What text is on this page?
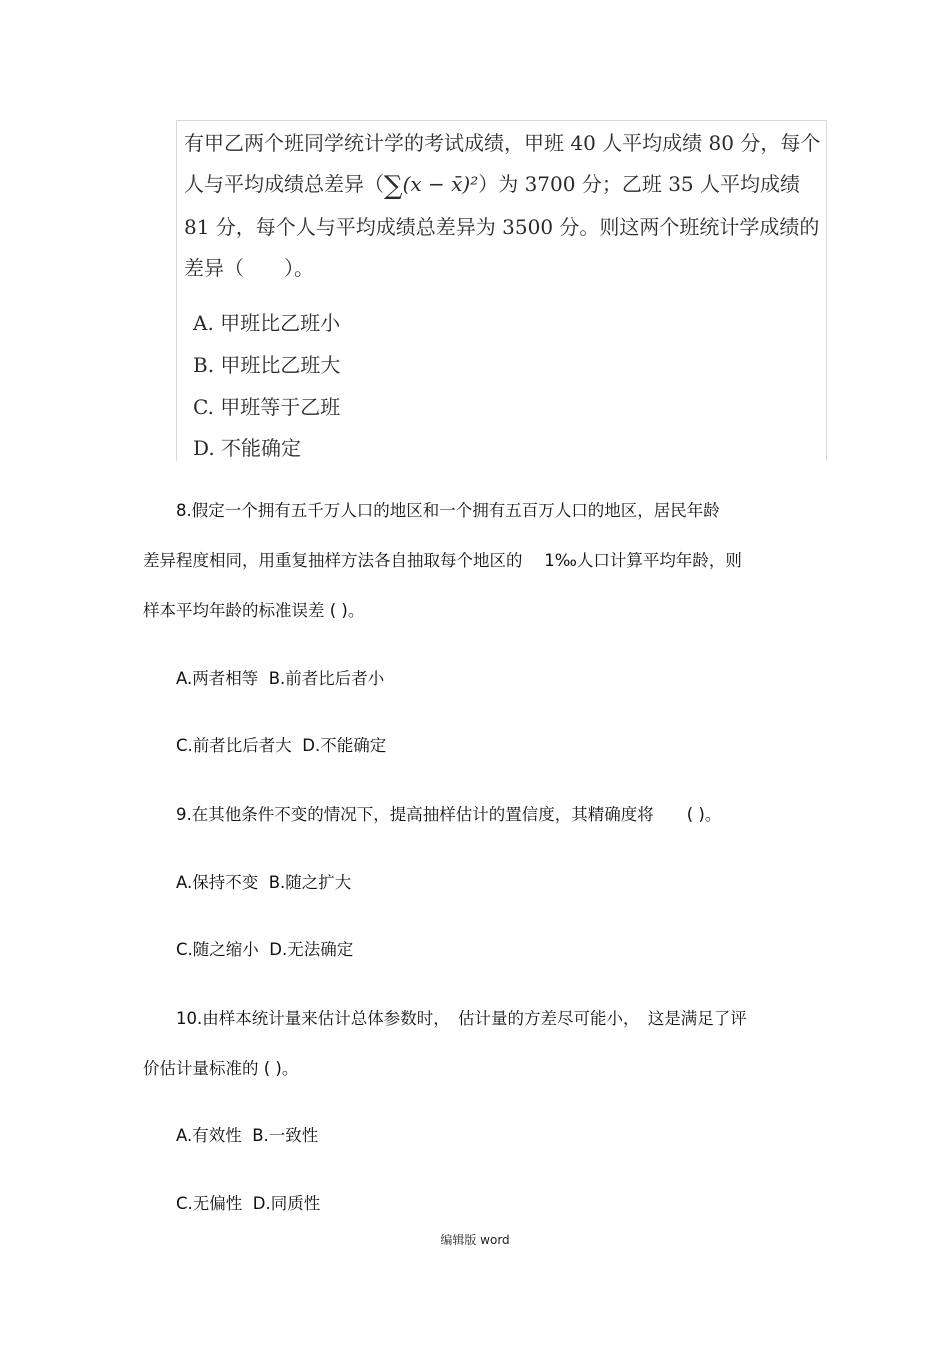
有甲乙两个班同学统计学的考试成绩，甲班 40 人平均成绩 80 分，每个人与平均成绩总差异（∑(x − x̄)²）为 3700 分；乙班 35 人平均成绩 81 分，每个人与平均成绩总差异为 3500 分。则这两个班统计学成绩的差异（　　）。

A. 甲班比乙班小

B. 甲班比乙班大

C. 甲班等于乙班

D. 不能确定

8.假定一个拥有五千万人口的地区和一个拥有五百万人口的地区，居民年龄

差异程度相同，用重复抽样方法各自抽取每个地区的　 1‰人口计算平均年龄，则

样本平均年龄的标准误差 ( )。

A.两者相等  B.前者比后者小

C.前者比后者大  D.不能确定

9.在其他条件不变的情况下，提高抽样估计的置信度，其精确度将　　( )。

A.保持不变  B.随之扩大

C.随之缩小  D.无法确定

10.由样本统计量来估计总体参数时，　估计量的方差尽可能小，　这是满足了评

价估计量标准的 ( )。

A.有效性  B.一致性

C.无偏性  D.同质性

编辑版 word
